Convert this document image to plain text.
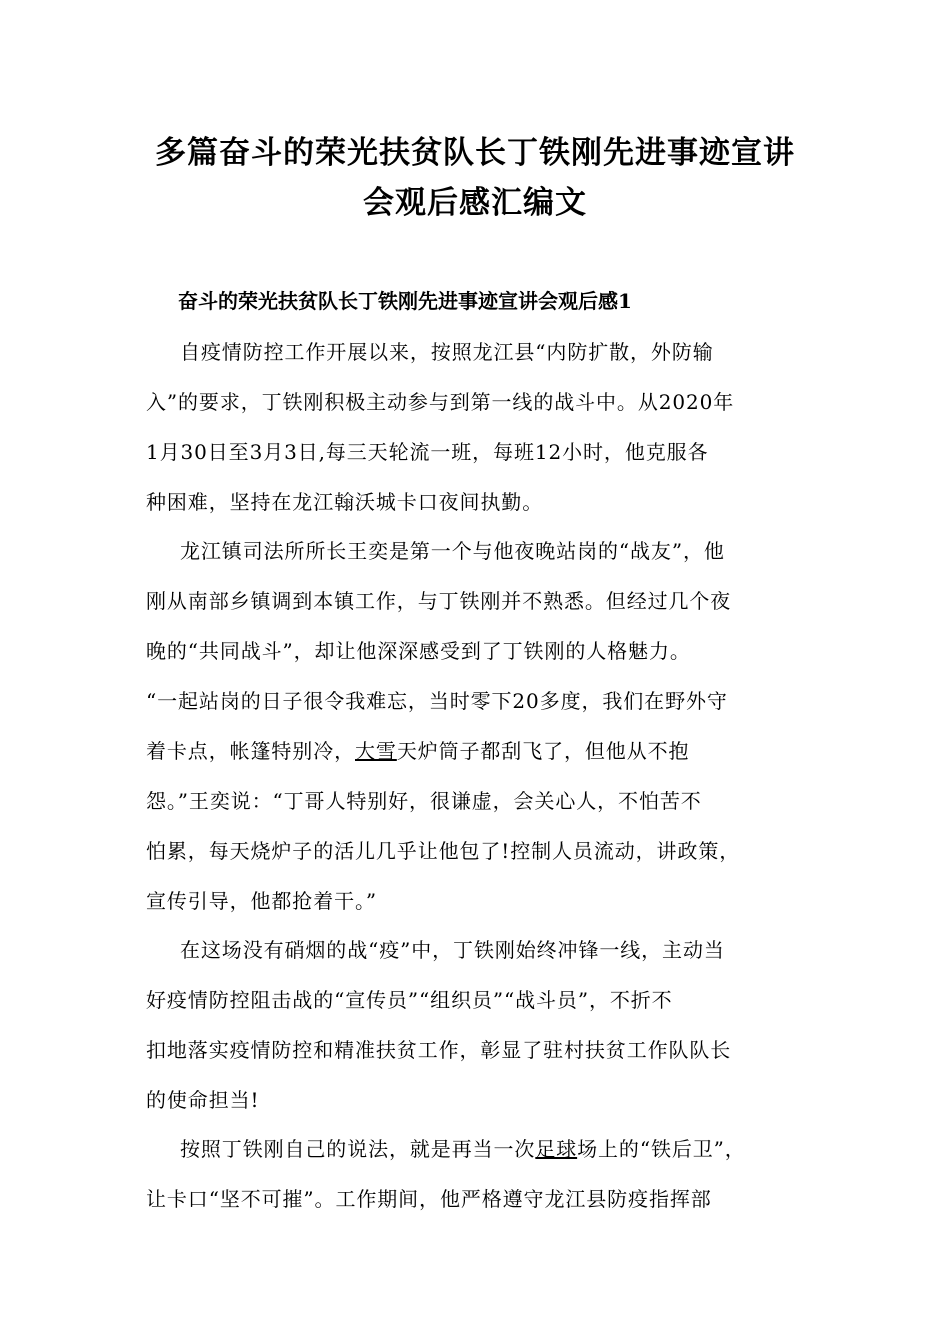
多篇奋斗的荣光扶贫队长丁铁刚先进事迹宣讲
会观后感汇编文
奋斗的荣光扶贫队长丁铁刚先进事迹宣讲会观后感1
自疫情防控工作开展以来，按照龙江县“内防扩散，外防输
入”的要求，丁铁刚积极主动参与到第一线的战斗中。从2020年
1月30日至3月3日,每三天轮流一班，每班12小时，他克服各
种困难，坚持在龙江翰沃城卡口夜间执勤。
龙江镇司法所所长王奕是第一个与他夜晚站岗的“战友”，他
刚从南部乡镇调到本镇工作，与丁铁刚并不熟悉。但经过几个夜
晚的“共同战斗”，却让他深深感受到了丁铁刚的人格魅力。
“一起站岗的日子很令我难忘，当时零下20多度，我们在野外守
着卡点，帐篷特别冷，大雪天炉筒子都刮飞了，但他从不抱
怨。”王奕说：“丁哥人特别好，很谦虚，会关心人，不怕苦不
怕累，每天烧炉子的活儿几乎让他包了!控制人员流动，讲政策，
宣传引导，他都抢着干。”
在这场没有硝烟的战“疫”中，丁铁刚始终冲锋一线，主动当
好疫情防控阻击战的“宣传员”“组织员”“战斗员”，不折不
扣地落实疫情防控和精准扶贫工作，彰显了驻村扶贫工作队队长
的使命担当!
按照丁铁刚自己的说法，就是再当一次足球场上的“铁后卫”，
让卡口“坚不可摧”。工作期间，他严格遵守龙江县防疫指挥部
